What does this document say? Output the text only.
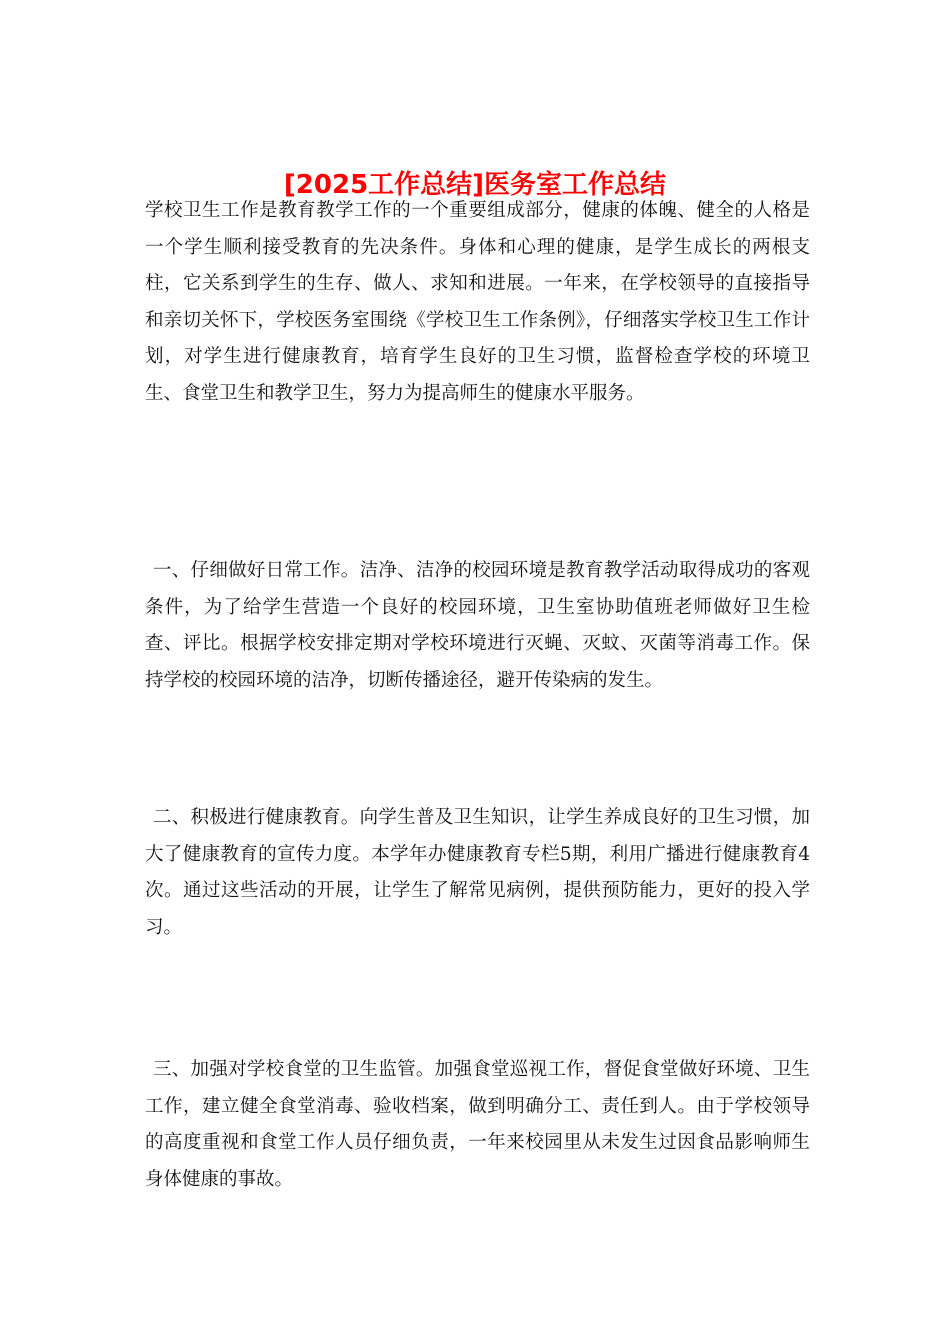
[2025工作总结]医务室工作总结

学校卫生工作是教育教学工作的一个重要组成部分，健康的体魄、健全的人格是一个学生顺利接受教育的先决条件。身体和心理的健康，是学生成长的两根支柱，它关系到学生的生存、做人、求知和进展。一年来，在学校领导的直接指导和亲切关怀下，学校医务室围绕《学校卫生工作条例》，仔细落实学校卫生工作计划，对学生进行健康教育，培育学生良好的卫生习惯，监督检查学校的环境卫生、食堂卫生和教学卫生，努力为提高师生的健康水平服务。

一、仔细做好日常工作。洁净、洁净的校园环境是教育教学活动取得成功的客观条件，为了给学生营造一个良好的校园环境，卫生室协助值班老师做好卫生检查、评比。根据学校安排定期对学校环境进行灭蝇、灭蚊、灭菌等消毒工作。保持学校的校园环境的洁净，切断传播途径，避开传染病的发生。

二、积极进行健康教育。向学生普及卫生知识，让学生养成良好的卫生习惯，加大了健康教育的宣传力度。本学年办健康教育专栏5期，利用广播进行健康教育4次。通过这些活动的开展，让学生了解常见病例，提供预防能力，更好的投入学习。

三、加强对学校食堂的卫生监管。加强食堂巡视工作，督促食堂做好环境、卫生工作，建立健全食堂消毒、验收档案，做到明确分工、责任到人。由于学校领导的高度重视和食堂工作人员仔细负责，一年来校园里从未发生过因食品影响师生身体健康的事故。
